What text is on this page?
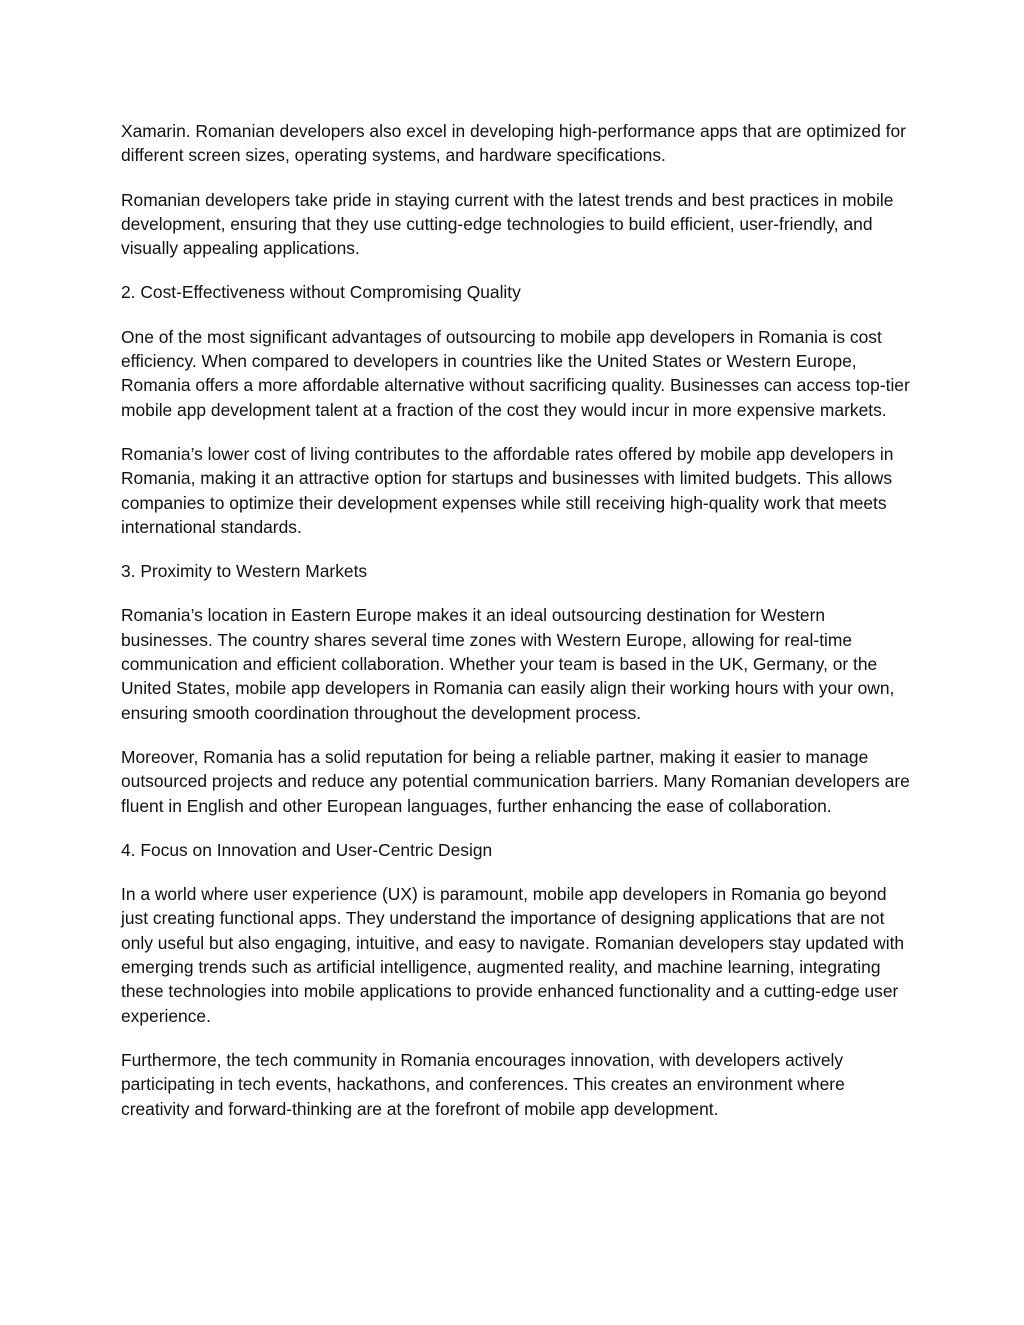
Xamarin. Romanian developers also excel in developing high-performance apps that are optimized for different screen sizes, operating systems, and hardware specifications.

Romanian developers take pride in staying current with the latest trends and best practices in mobile development, ensuring that they use cutting-edge technologies to build efficient, user-friendly, and visually appealing applications.

2. Cost-Effectiveness without Compromising Quality

One of the most significant advantages of outsourcing to mobile app developers in Romania is cost efficiency. When compared to developers in countries like the United States or Western Europe, Romania offers a more affordable alternative without sacrificing quality. Businesses can access top-tier mobile app development talent at a fraction of the cost they would incur in more expensive markets.

Romania’s lower cost of living contributes to the affordable rates offered by mobile app developers in Romania, making it an attractive option for startups and businesses with limited budgets. This allows companies to optimize their development expenses while still receiving high-quality work that meets international standards.

3. Proximity to Western Markets

Romania’s location in Eastern Europe makes it an ideal outsourcing destination for Western businesses. The country shares several time zones with Western Europe, allowing for real-time communication and efficient collaboration. Whether your team is based in the UK, Germany, or the United States, mobile app developers in Romania can easily align their working hours with your own, ensuring smooth coordination throughout the development process.

Moreover, Romania has a solid reputation for being a reliable partner, making it easier to manage outsourced projects and reduce any potential communication barriers. Many Romanian developers are fluent in English and other European languages, further enhancing the ease of collaboration.

4. Focus on Innovation and User-Centric Design

In a world where user experience (UX) is paramount, mobile app developers in Romania go beyond just creating functional apps. They understand the importance of designing applications that are not only useful but also engaging, intuitive, and easy to navigate. Romanian developers stay updated with emerging trends such as artificial intelligence, augmented reality, and machine learning, integrating these technologies into mobile applications to provide enhanced functionality and a cutting-edge user experience.

Furthermore, the tech community in Romania encourages innovation, with developers actively participating in tech events, hackathons, and conferences. This creates an environment where creativity and forward-thinking are at the forefront of mobile app development.
